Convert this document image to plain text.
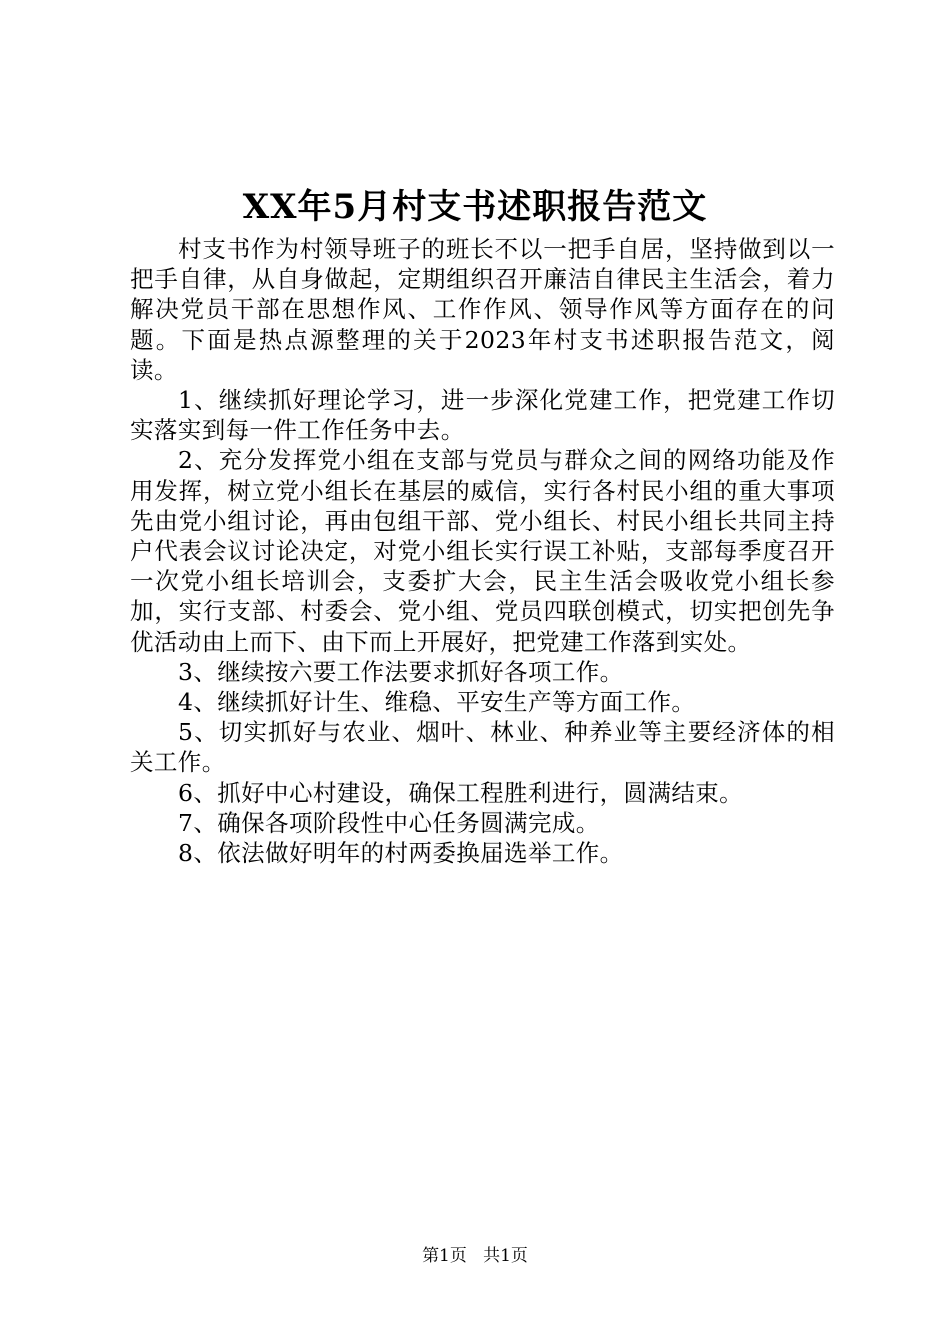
XX年5月村支书述职报告范文

村支书作为村领导班子的班长不以一把手自居，坚持做到以一把手自律，从自身做起，定期组织召开廉洁自律民主生活会，着力解决党员干部在思想作风、工作作风、领导作风等方面存在的问题。下面是热点源整理的关于2023年村支书述职报告范文，阅读。

1、继续抓好理论学习，进一步深化党建工作，把党建工作切实落实到每一件工作任务中去。

2、充分发挥党小组在支部与党员与群众之间的网络功能及作用发挥，树立党小组长在基层的威信，实行各村民小组的重大事项先由党小组讨论，再由包组干部、党小组长、村民小组长共同主持户代表会议讨论决定，对党小组长实行误工补贴，支部每季度召开一次党小组长培训会，支委扩大会，民主生活会吸收党小组长参加，实行支部、村委会、党小组、党员四联创模式，切实把创先争优活动由上而下、由下而上开展好，把党建工作落到实处。

3、继续按六要工作法要求抓好各项工作。

4、继续抓好计生、维稳、平安生产等方面工作。

5、切实抓好与农业、烟叶、林业、种养业等主要经济体的相关工作。

6、抓好中心村建设，确保工程胜利进行，圆满结束。

7、确保各项阶段性中心任务圆满完成。

8、依法做好明年的村两委换届选举工作。

第1页 共1页
